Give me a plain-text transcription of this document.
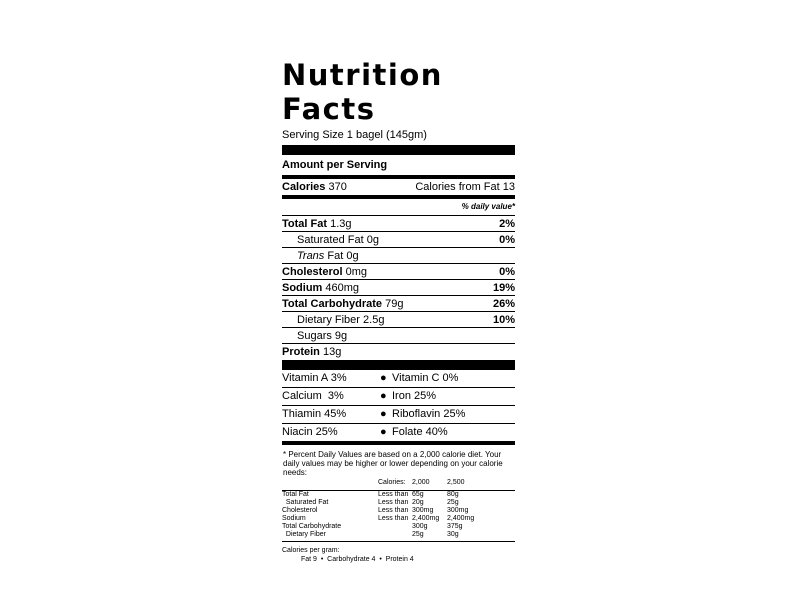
Nutrition
Facts
Serving Size 1 bagel (145gm)
Amount per Serving
Calories 370	Calories from Fat 13
% daily value*
Total Fat 1.3g	2%
Saturated Fat 0g	0%
Trans Fat 0g
Cholesterol 0mg	0%
Sodium 460mg	19%
Total Carbohydrate 79g	26%
Dietary Fiber 2.5g	10%
Sugars 9g
Protein 13g
Vitamin A 3%	● Vitamin C 0%
Calcium  3%	● Iron 25%
Thiamin 45%	● Riboflavin 25%
Niacin 25%	● Folate 40%
* Percent Daily Values are based on a 2,000 calorie diet. Your daily values may be higher or lower depending on your calorie needs:
	Calories:	2,000	2,500

Total Fat	Less than	65g	80g
Saturated Fat	Less than	20g	25g
Cholesterol	Less than	300mg	300mg
Sodium	Less than	2,400mg	2,400mg
Total Carbohydrate		300g	375g
Dietary Fiber		25g	30g

Calories per gram:
Fat 9  •  Carbohydrate 4  •  Protein 4
